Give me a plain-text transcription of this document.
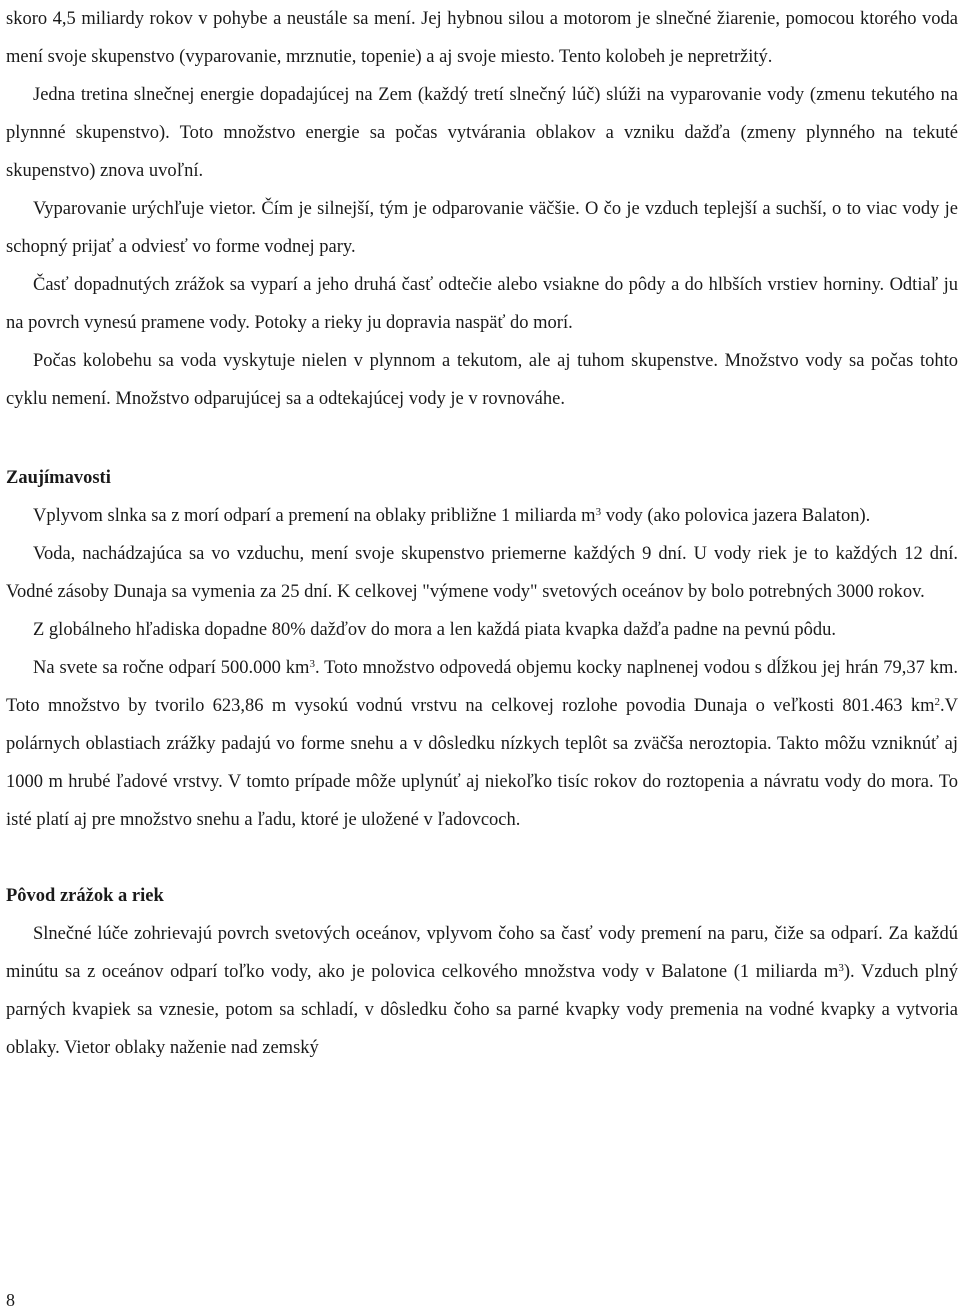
skoro 4,5 miliardy rokov v pohybe a neustále sa mení. Jej hybnou silou a motorom je slnečné žiarenie, pomocou ktorého voda mení svoje skupenstvo (vyparovanie, mrznutie, topenie) a aj svoje miesto. Tento kolobeh je nepretržitý.

Jedna tretina slnečnej energie dopadajúcej na Zem (každý tretí slnečný lúč) slúži na vyparovanie vody (zmenu tekutého na plynnné skupenstvo). Toto množstvo energie sa počas vytvárania oblakov a vzniku dažďa (zmeny plynného na tekuté skupenstvo) znova uvoľní.

Vyparovanie urýchľuje vietor. Čím je silnejší, tým je odparovanie väčšie. O čo je vzduch teplejší a suchší, o to viac vody je schopný prijať a odviesť vo forme vodnej pary.

Časť dopadnutých zrážok sa vyparí a jeho druhá časť odtečie alebo vsiakne do pôdy a do hlbších vrstiev horniny. Odtiaľ ju na povrch vynesú pramene vody. Potoky a rieky ju dopravia naspäť do morí.

Počas kolobehu sa voda vyskytuje nielen v plynnom a tekutom, ale aj tuhom skupenstve. Množstvo vody sa počas tohto cyklu nemení. Množstvo odparujúcej sa a odtekajúcej vody je v rovnováhe.

Zaujímavosti

Vplyvom slnka sa z morí odparí a premení na oblaky približne 1 miliarda $m^3$ vody (ako polovica jazera Balaton).

Voda, nachádzajúca sa vo vzduchu, mení svoje skupenstvo priemerne každých 9 dní. U vody riek je to každých 12 dní. Vodné zásoby Dunaja sa vymenia za 25 dní. K celkovej "výmene vody" svetových oceánov by bolo potrebných 3000 rokov.

Z globálneho hľadiska dopadne 80% dažďov do mora a len každá piata kvapka dažďa padne na pevnú pôdu.

Na svete sa ročne odparí 500.000 $km^3$. Toto množstvo odpovedá objemu kocky naplnenej vodou s dĺžkou jej hrán 79,37 km. Toto množstvo by tvorilo 623,86 m vysokú vodnú vrstvu na celkovej rozlohe povodia Dunaja o veľkosti 801.463 $km^2.V$ polárnych oblastiach zrážky padajú vo forme snehu a v dôsledku nízkych teplôt sa zväčša neroztopia. Takto môžu vzniknúť aj 1000 m hrubé ľadové vrstvy. V tomto prípade môže uplynúť aj niekoľko tisíc rokov do roztopenia a návratu vody do mora. To isté platí aj pre množstvo snehu a ľadu, ktoré je uložené v ľadovcoch.

Pôvod zrážok a riek

Slnečné lúče zohrievajú povrch svetových oceánov, vplyvom čoho sa časť vody premení na paru, čiže sa odparí. Za každú minútu sa z oceánov odparí toľko vody, ako je polovica celkového množstva vody v Balatone (1 miliarda $m^3$). Vzduch plný parných kvapiek sa vznesie, potom sa schladí, v dôsledku čoho sa parné kvapky vody premenia na vodné kvapky a vytvoria oblaky. Vietor oblaky naženie nad zemský

8
